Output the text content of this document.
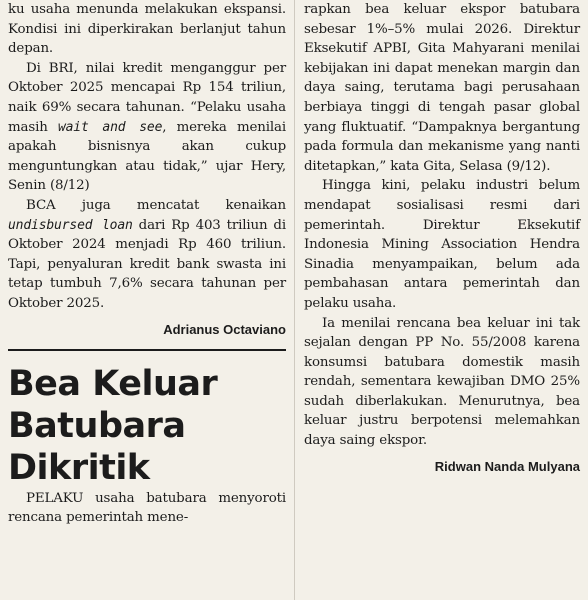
ku usaha menunda melakukan ekspansi. Kondisi ini diperkirakan berlanjut tahun depan.

Di BRI, nilai kredit menganggur per Oktober 2025 mencapai Rp 154 triliun, naik 69% secara tahunan. “Pelaku usaha masih wait and see, mereka menilai apakah bisnisnya akan cukup menguntungkan atau tidak,” ujar Hery, Senin (8/12)

BCA juga mencatat kenaikan undisbursed loan dari Rp 403 triliun di Oktober 2024 menjadi Rp 460 triliun. Tapi, penyaluran kredit bank swasta ini tetap tumbuh 7,6% secara tahunan per Oktober 2025.

Adrianus Octaviano
Bea Keluar
Batubara
Dikritik

PELAKU usaha batubara menyoroti rencana pemerintah mene-

rapkan bea keluar ekspor batubara sebesar 1%–5% mulai 2026. Direktur Eksekutif APBI, Gita Mahyarani menilai kebijakan ini dapat menekan margin dan daya saing, terutama bagi perusahaan berbiaya tinggi di tengah pasar global yang fluktuatif. “Dampaknya bergantung pada formula dan mekanisme yang nanti ditetapkan,” kata Gita, Selasa (9/12).

Hingga kini, pelaku industri belum mendapat sosialisasi resmi dari pemerintah. Direktur Eksekutif Indonesia Mining Association Hendra Sinadia menyampaikan, belum ada pembahasan antara pemerintah dan pelaku usaha.

Ia menilai rencana bea keluar ini tak sejalan dengan PP No. 55/2008 karena konsumsi batubara domestik masih rendah, sementara kewajiban DMO 25% sudah diberlakukan. Menurutnya, bea keluar justru berpotensi melemahkan daya saing ekspor.

Ridwan Nanda Mulyana
